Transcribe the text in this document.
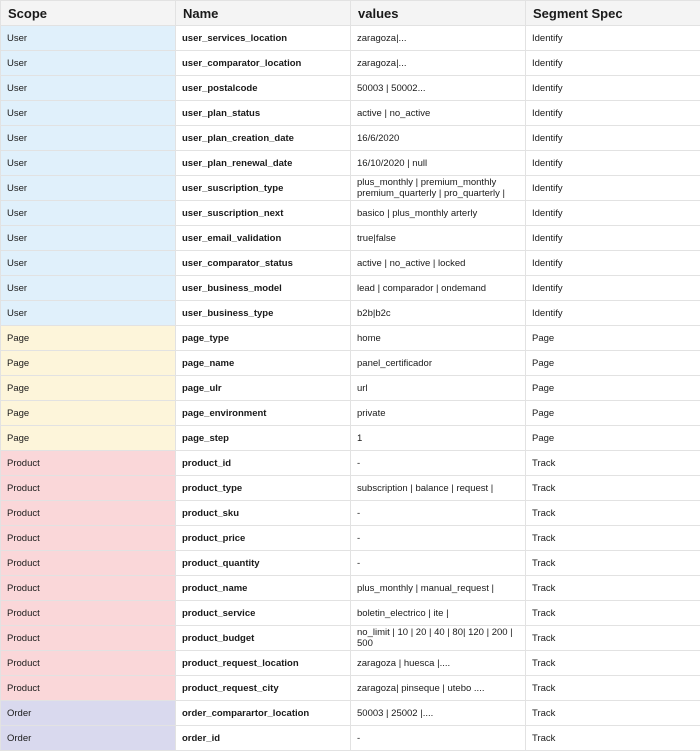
Scope	Name	values	Segment Spec

User	user_services_location	zaragoza|...	Identify

User	user_comparator_location	zaragoza|...	Identify

User	user_postalcode	50003 | 50002...	Identify

User	user_plan_status	active | no_active	Identify

User	user_plan_creation_date	16/6/2020	Identify

User	user_plan_renewal_date	16/10/2020 | null	Identify

User	user_suscription_type	plus_monthly | premium_monthly premium_quarterly | pro_quarterly |	Identify

User	user_suscription_next	basico | plus_monthly arterly	Identify

User	user_email_validation	true|false	Identify

User	user_comparator_status	active | no_active | locked	Identify

User	user_business_model	lead | comparador | ondemand	Identify

User	user_business_type	b2b|b2c	Identify

Page	page_type	home	Page

Page	page_name	panel_certificador	Page

Page	page_ulr	url	Page

Page	page_environment	private	Page

Page	page_step	1	Page

Product	product_id	-	Track

Product	product_type	subscription | balance | request |	Track

Product	product_sku	-	Track

Product	product_price	-	Track

Product	product_quantity	-	Track

Product	product_name	plus_monthly | manual_request |	Track

Product	product_service	boletin_electrico | ite |	Track

Product	product_budget	no_limit | 10 | 20 | 40 | 80| 120 | 200 | 500	Track

Product	product_request_location	zaragoza | huesca |....	Track

Product	product_request_city	zaragoza| pinseque | utebo ....	Track

Order	order_comparartor_location	50003 | 25002 |....	Track

Order	order_id	-	Track
